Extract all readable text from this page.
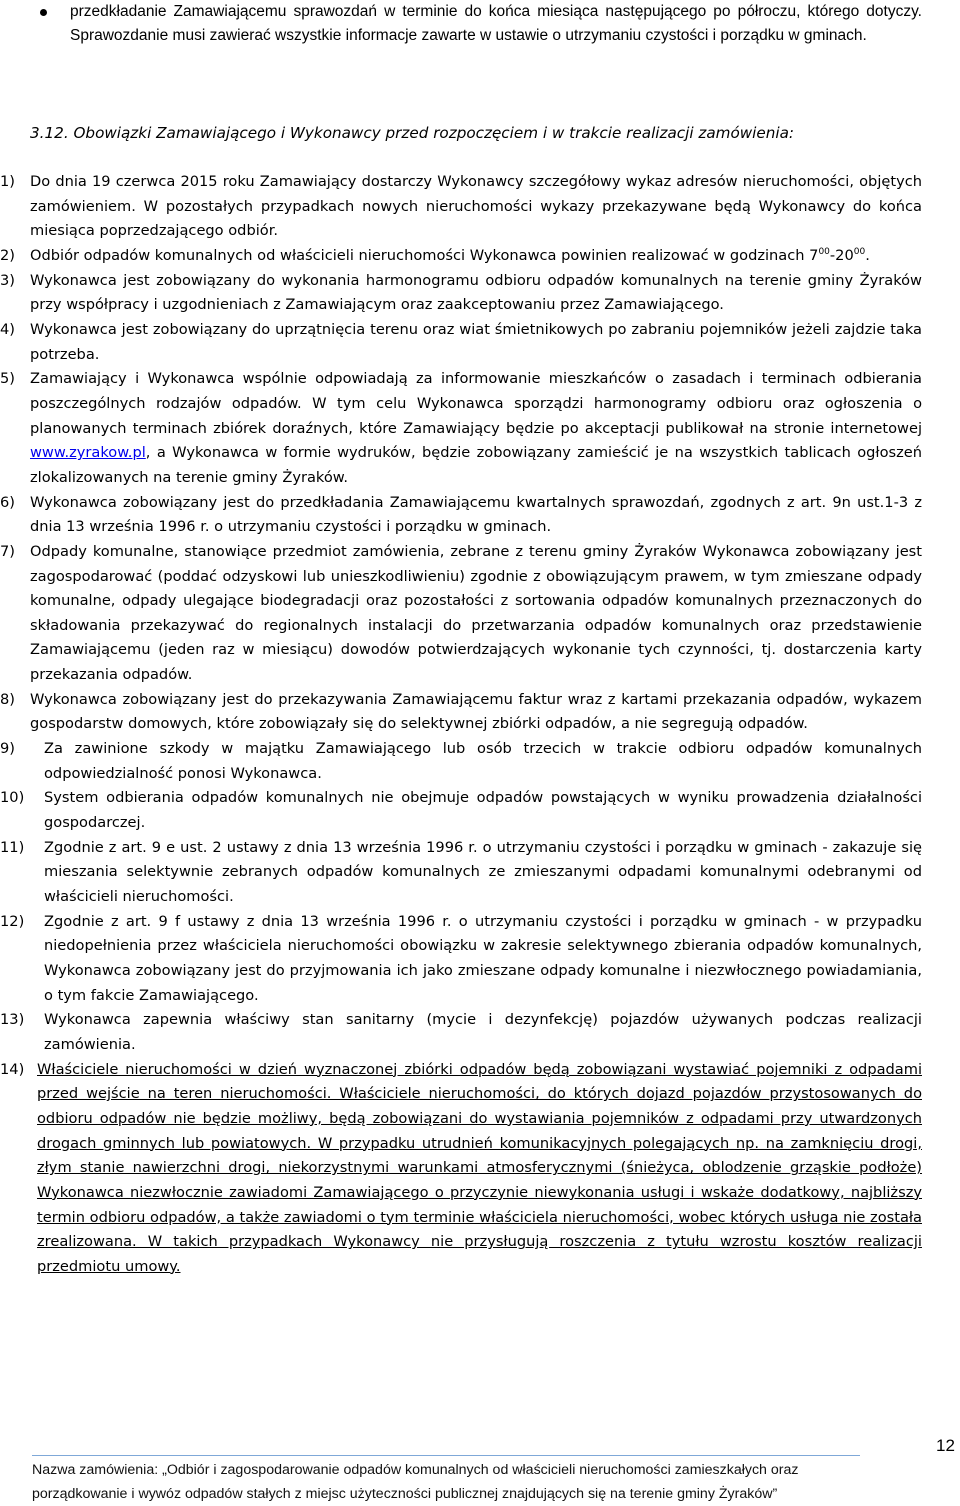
przedkładanie Zamawiającemu sprawozdań w terminie do końca miesiąca następującego po półroczu, którego dotyczy. Sprawozdanie musi zawierać wszystkie informacje zawarte w ustawie o utrzymaniu czystości i porządku w gminach.
3.12. Obowiązki Zamawiającego i Wykonawcy przed rozpoczęciem i w trakcie realizacji zamówienia:
1)	Do dnia 19 czerwca 2015 roku Zamawiający dostarczy Wykonawcy szczegółowy wykaz adresów nieruchomości, objętych zamówieniem. W pozostałych przypadkach nowych nieruchomości wykazy przekazywane będą Wykonawcy do końca miesiąca poprzedzającego odbiór.
2)	Odbiór odpadów komunalnych od właścicieli nieruchomości Wykonawca powinien realizować w godzinach $7^{00}-20^{00}$.
3)	Wykonawca jest zobowiązany do wykonania harmonogramu odbioru odpadów komunalnych na terenie gminy Żyraków przy współpracy i uzgodnieniach z Zamawiającym oraz zaakceptowaniu przez Zamawiającego.
4)	Wykonawca jest zobowiązany do uprzątnięcia terenu oraz wiat śmietnikowych po zabraniu pojemników jeżeli zajdzie taka potrzeba.
5)	Zamawiający i Wykonawca wspólnie odpowiadają za informowanie mieszkańców o zasadach i terminach odbierania poszczególnych rodzajów odpadów. W tym celu Wykonawca sporządzi harmonogramy odbioru oraz ogłoszenia o planowanych terminach zbiórek doraźnych, które Zamawiający będzie po akceptacji publikował na stronie internetowej www.zyrakow.pl, a Wykonawca w formie wydruków, będzie zobowiązany zamieścić je na wszystkich tablicach ogłoszeń zlokalizowanych na terenie gminy Żyraków.
6)	Wykonawca zobowiązany jest do przedkładania Zamawiającemu kwartalnych sprawozdań, zgodnych z art. 9n ust.1-3 z dnia 13 września 1996 r. o utrzymaniu czystości i porządku w gminach.
7)	Odpady komunalne, stanowiące przedmiot zamówienia, zebrane z terenu gminy Żyraków Wykonawca zobowiązany jest zagospodarować (poddać odzyskowi lub unieszkodliwieniu) zgodnie z obowiązującym prawem, w tym zmieszane odpady komunalne, odpady ulegające biodegradacji oraz pozostałości z sortowania odpadów komunalnych przeznaczonych do składowania przekazywać do regionalnych instalacji do przetwarzania odpadów komunalnych oraz przedstawienie Zamawiającemu (jeden raz w miesiącu) dowodów potwierdzających wykonanie tych czynności, tj. dostarczenia karty przekazania odpadów.
8)	Wykonawca zobowiązany jest do przekazywania Zamawiającemu faktur wraz z kartami przekazania odpadów, wykazem gospodarstw domowych, które zobowiązały się do selektywnej zbiórki odpadów, a nie segregują odpadów.
9)	Za zawinione szkody w majątku Zamawiającego lub osób trzecich w trakcie odbioru odpadów komunalnych odpowiedzialność ponosi Wykonawca.
10)	System odbierania odpadów komunalnych nie obejmuje odpadów powstających w wyniku prowadzenia działalności gospodarczej.
11)	Zgodnie z art. 9 e ust. 2 ustawy z dnia 13 września 1996 r. o utrzymaniu czystości i porządku w gminach - zakazuje się mieszania selektywnie zebranych odpadów komunalnych ze zmieszanymi odpadami komunalnymi odebranymi od właścicieli nieruchomości.
12)	Zgodnie z art. 9 f ustawy z dnia 13 września 1996 r. o utrzymaniu czystości i porządku w gminach - w przypadku niedopełnienia przez właściciela nieruchomości obowiązku w zakresie selektywnego zbierania odpadów komunalnych, Wykonawca zobowiązany jest do przyjmowania ich jako zmieszane odpady komunalne i niezwłocznego powiadamiania, o tym fakcie Zamawiającego.
13)	Wykonawca zapewnia właściwy stan sanitarny (mycie i dezynfekcję) pojazdów używanych podczas realizacji zamówienia.
14) Właściciele nieruchomości w dzień wyznaczonej zbiórki odpadów będą zobowiązani wystawiać pojemniki z odpadami przed wejście na teren nieruchomości. Właściciele nieruchomości, do których dojazd pojazdów przystosowanych do odbioru odpadów nie będzie możliwy, będą zobowiązani do wystawiania pojemników z odpadami przy utwardzonych drogach gminnych lub powiatowych. W przypadku utrudnień komunikacyjnych polegających np. na zamknięciu drogi, złym stanie nawierzchni drogi, niekorzystnymi warunkami atmosferycznymi (śnieżyca, oblodzenie grząskie podłoże) Wykonawca niezwłocznie zawiadomi Zamawiającego o przyczynie niewykonania usługi i wskaże dodatkowy, najbliższy termin odbioru odpadów, a także zawiadomi o tym terminie właściciela nieruchomości, wobec których usługa nie została zrealizowana. W takich przypadkach Wykonawcy nie przysługują roszczenia z tytułu wzrostu kosztów realizacji przedmiotu umowy.
Nazwa zamówienia: „Odbiór i zagospodarowanie odpadów komunalnych od właścicieli nieruchomości zamieszkałych oraz
porządkowanie i wywóz odpadów stałych z miejsc użyteczności publicznej znajdujących się na terenie gminy Żyraków”
12
